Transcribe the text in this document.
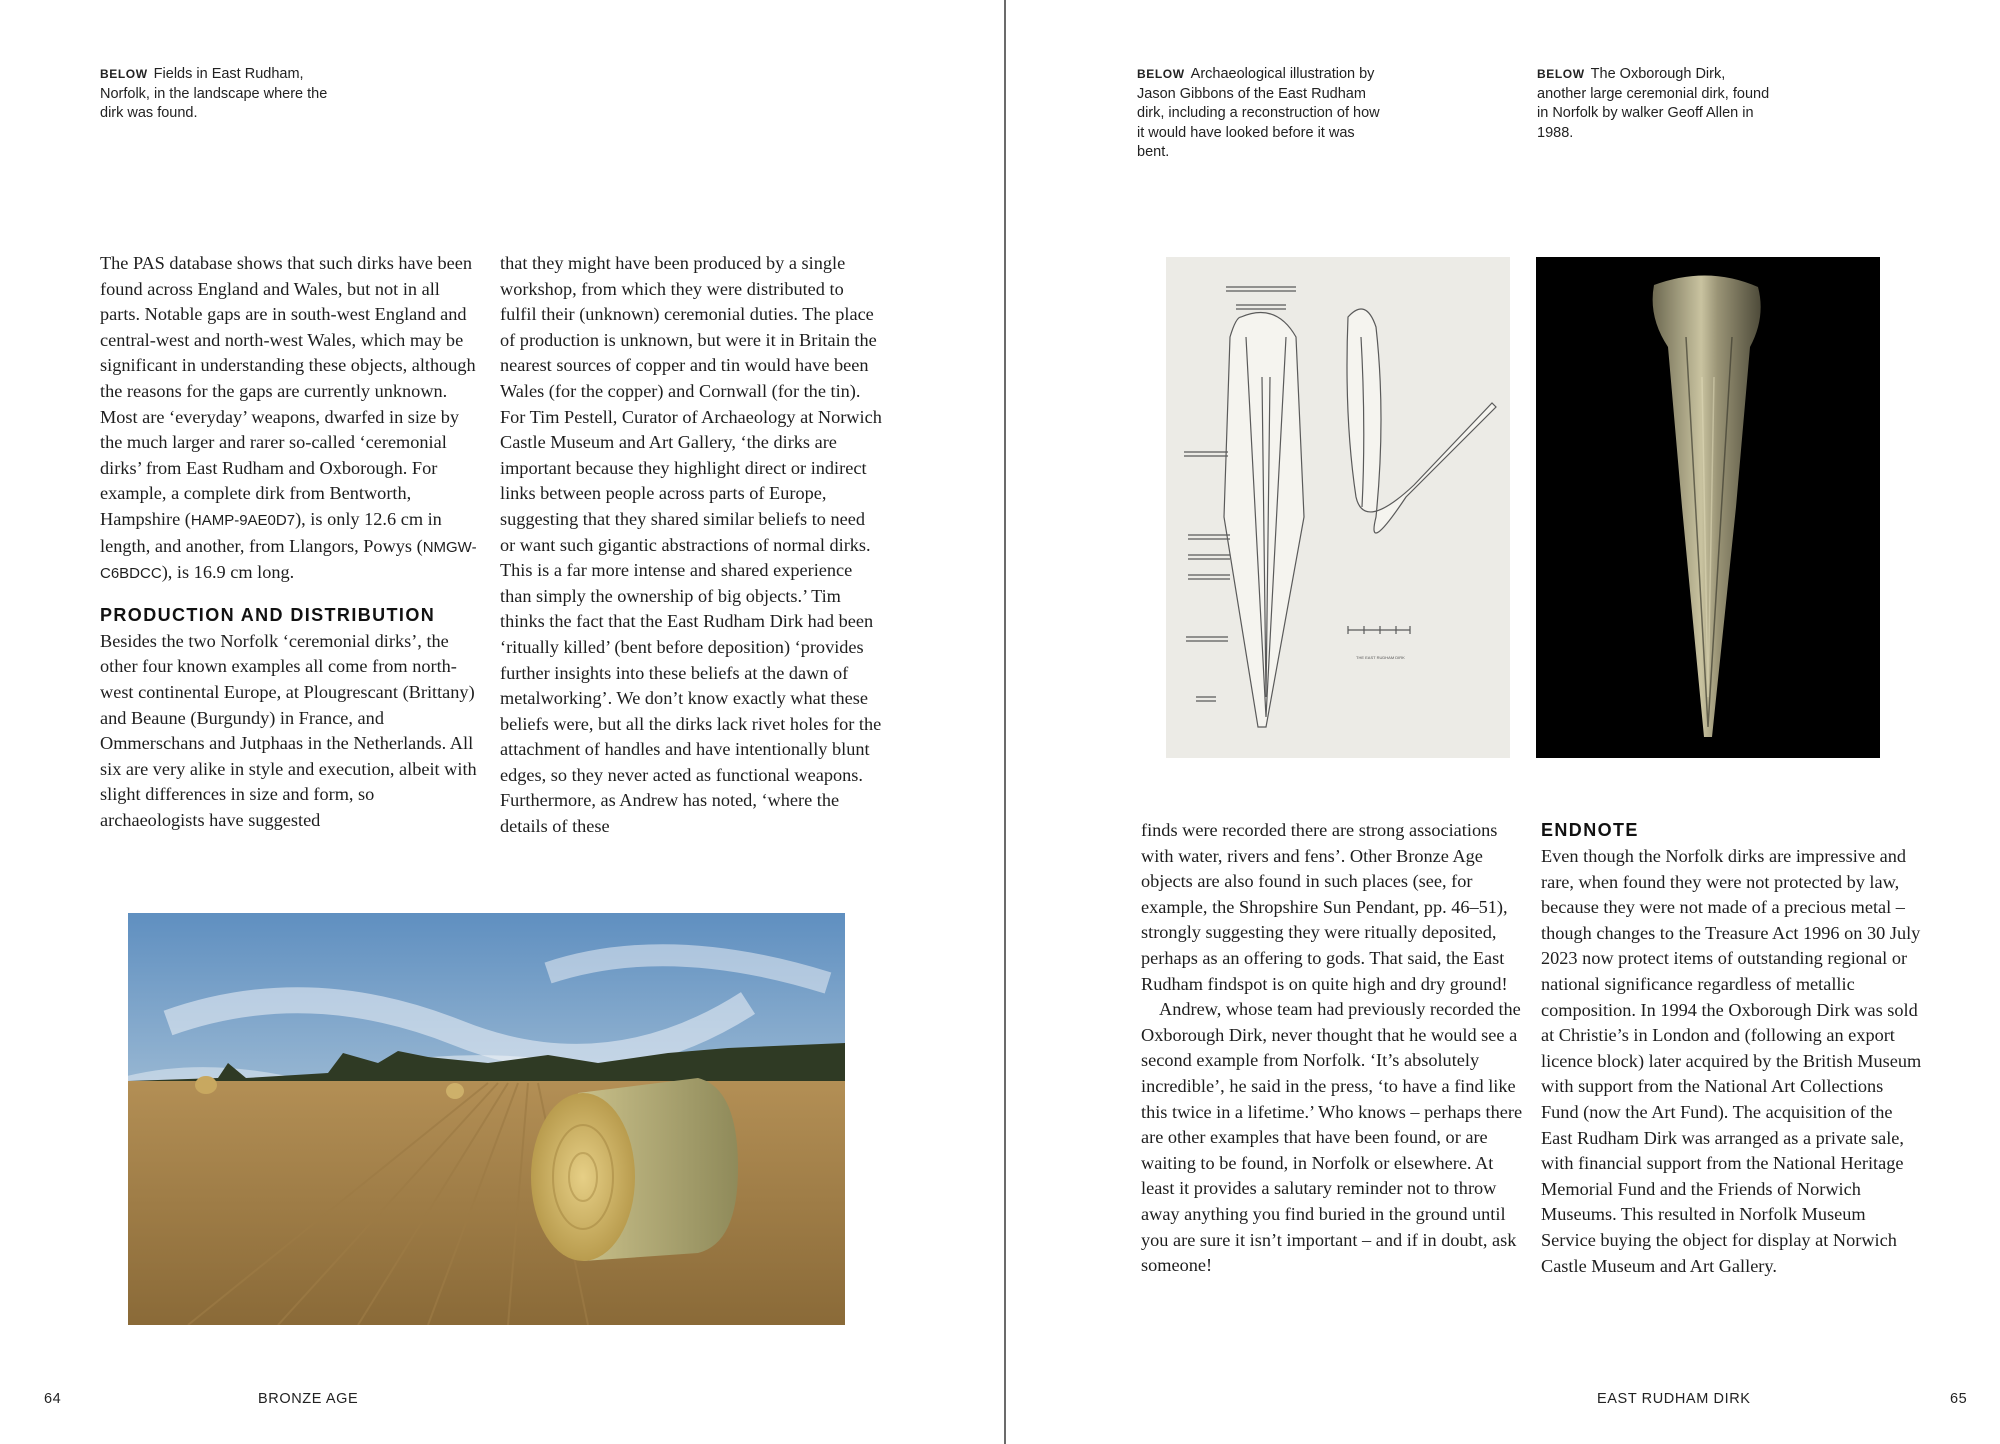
BELOW Fields in East Rudham, Norfolk, in the landscape where the dirk was found.

The PAS database shows that such dirks have been found across England and Wales, but not in all parts. Notable gaps are in south-west England and central-west and north-west Wales, which may be significant in understanding these objects, although the reasons for the gaps are currently unknown. Most are ‘everyday’ weapons, dwarfed in size by the much larger and rarer so-called ‘ceremonial dirks’ from East Rudham and Oxborough. For example, a complete dirk from Bentworth, Hampshire (HAMP-9AE0D7), is only 12.6 cm in length, and another, from Llangors, Powys (NMGW-C6BDCC), is 16.9 cm long.

PRODUCTION AND DISTRIBUTION

Besides the two Norfolk ‘ceremonial dirks’, the other four known examples all come from north-west continental Europe, at Plougrescant (Brittany) and Beaune (Burgundy) in France, and Ommerschans and Jutphaas in the Netherlands. All six are very alike in style and execution, albeit with slight differences in size and form, so archaeologists have suggested

that they might have been produced by a single workshop, from which they were distributed to fulfil their (unknown) ceremonial duties. The place of production is unknown, but were it in Britain the nearest sources of copper and tin would have been Wales (for the copper) and Cornwall (for the tin). For Tim Pestell, Curator of Archaeology at Norwich Castle Museum and Art Gallery, ‘the dirks are important because they highlight direct or indirect links between people across parts of Europe, suggesting that they shared similar beliefs to need or want such gigantic abstractions of normal dirks. This is a far more intense and shared experience than simply the ownership of big objects.’ Tim thinks the fact that the East Rudham Dirk had been ‘ritually killed’ (bent before deposition) ‘provides further insights into these beliefs at the dawn of metalworking’. We don’t know exactly what these beliefs were, but all the dirks lack rivet holes for the attachment of handles and have intentionally blunt edges, so they never acted as functional weapons. Furthermore, as Andrew has noted, ‘where the details of these

64	BRONZE AGE
BELOW Archaeological illustration by Jason Gibbons of the East Rudham dirk, including a reconstruction of how it would have looked before it was bent.
BELOW The Oxborough Dirk, another large ceremonial dirk, found in Norfolk by walker Geoff Allen in 1988.
THE EAST RUDHAM DIRK

finds were recorded there are strong associations with water, rivers and fens’. Other Bronze Age objects are also found in such places (see, for example, the Shropshire Sun Pendant, pp. 46–51), strongly suggesting they were ritually deposited, perhaps as an offering to gods. That said, the East Rudham findspot is on quite high and dry ground!

Andrew, whose team had previously recorded the Oxborough Dirk, never thought that he would see a second example from Norfolk. ‘It’s absolutely incredible’, he said in the press, ‘to have a find like this twice in a lifetime.’ Who knows – perhaps there are other examples that have been found, or are waiting to be found, in Norfolk or elsewhere. At least it provides a salutary reminder not to throw away anything you find buried in the ground until you are sure it isn’t important – and if in doubt, ask someone!

ENDNOTE

Even though the Norfolk dirks are impressive and rare, when found they were not protected by law, because they were not made of a precious metal – though changes to the Treasure Act 1996 on 30 July 2023 now protect items of outstanding regional or national significance regardless of metallic composition. In 1994 the Oxborough Dirk was sold at Christie’s in London and (following an export licence block) later acquired by the British Museum with support from the National Art Collections Fund (now the Art Fund). The acquisition of the East Rudham Dirk was arranged as a private sale, with financial support from the National Heritage Memorial Fund and the Friends of Norwich Museums. This resulted in Norfolk Museum Service buying the object for display at Norwich Castle Museum and Art Gallery.

EAST RUDHAM DIRK	65
